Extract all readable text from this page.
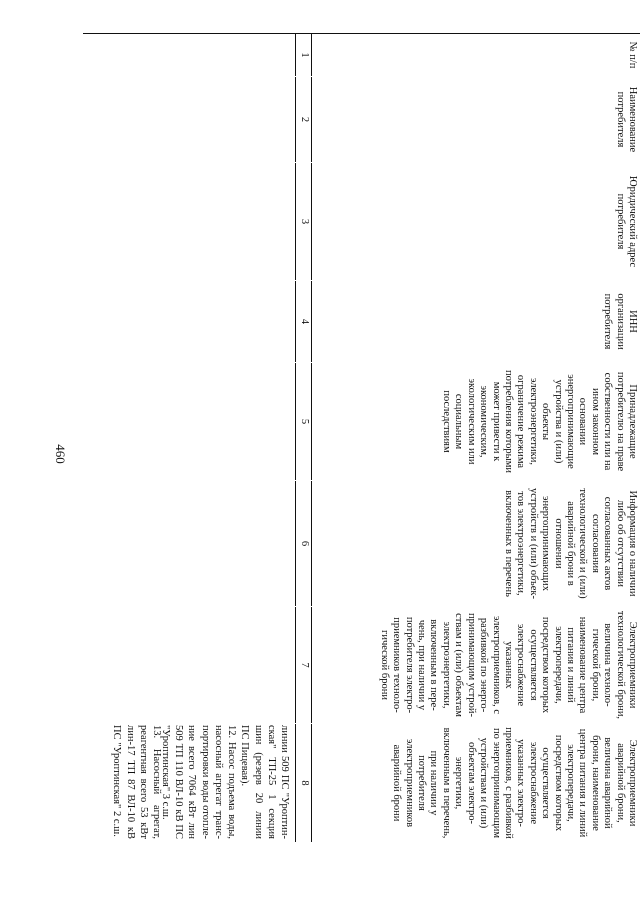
460
№ п/п
1
Наименование потребителя
2
Юридический адрес потребителя
3
ИНН организации потребителя
4
Принадлежащие потребителю на праве собственности или на ином законном основании энергопринимающие устройства и (или) объекты электроэнергетики, ограничение режима потребления которыми может привести к экономическим, экологическим или социальным последствиям
5
Информация о наличии либо об отсутствии согласованных актов согласования технологической и (или) аварийной брони в отношении энергопринимающих устройств и (или) объектов электроэнергетики, включенных в перечень
6
Электроприемники технологической брони, величина технологической брони, наименование центра питания и линий электропередачи, посредством которых осуществляется электроснабжение указанных электроприемников, с разбивкой по энергопринимающим устройствам и (или) объектам электроэнергетики, включенным в перечень, при наличии у потребителя электроприемников технологической брони
7
Электроприемники аварийной брони, величина аварийной брони, наименование центра питания и линий электропередачи, посредством которых осуществляется электроснабжение указанных электроприемников, с разбивкой по энергопринимающим устройствам и (или) объектам электроэнергетики, включенным в перечень, при наличии у потребителя электроприемников аварийной брони
8
линии 509 ПС "Уроптинская" ТП-25 1 секция шин (резерв 20 линии ПС Пицевая).
12. Насос подъема воды, насосный агрегат транспортировки воды отопление всего 7064 кВт лин 509 ТП 110 ВЛ-10 кВ ПС "Уроптинская" 3 с.ш.
13. Насосный агрегат, реагентная всего 53 кВт лин-17 ТП 87 ВЛ-10 кВ ПС "Уроптинская" 2 с.ш.
